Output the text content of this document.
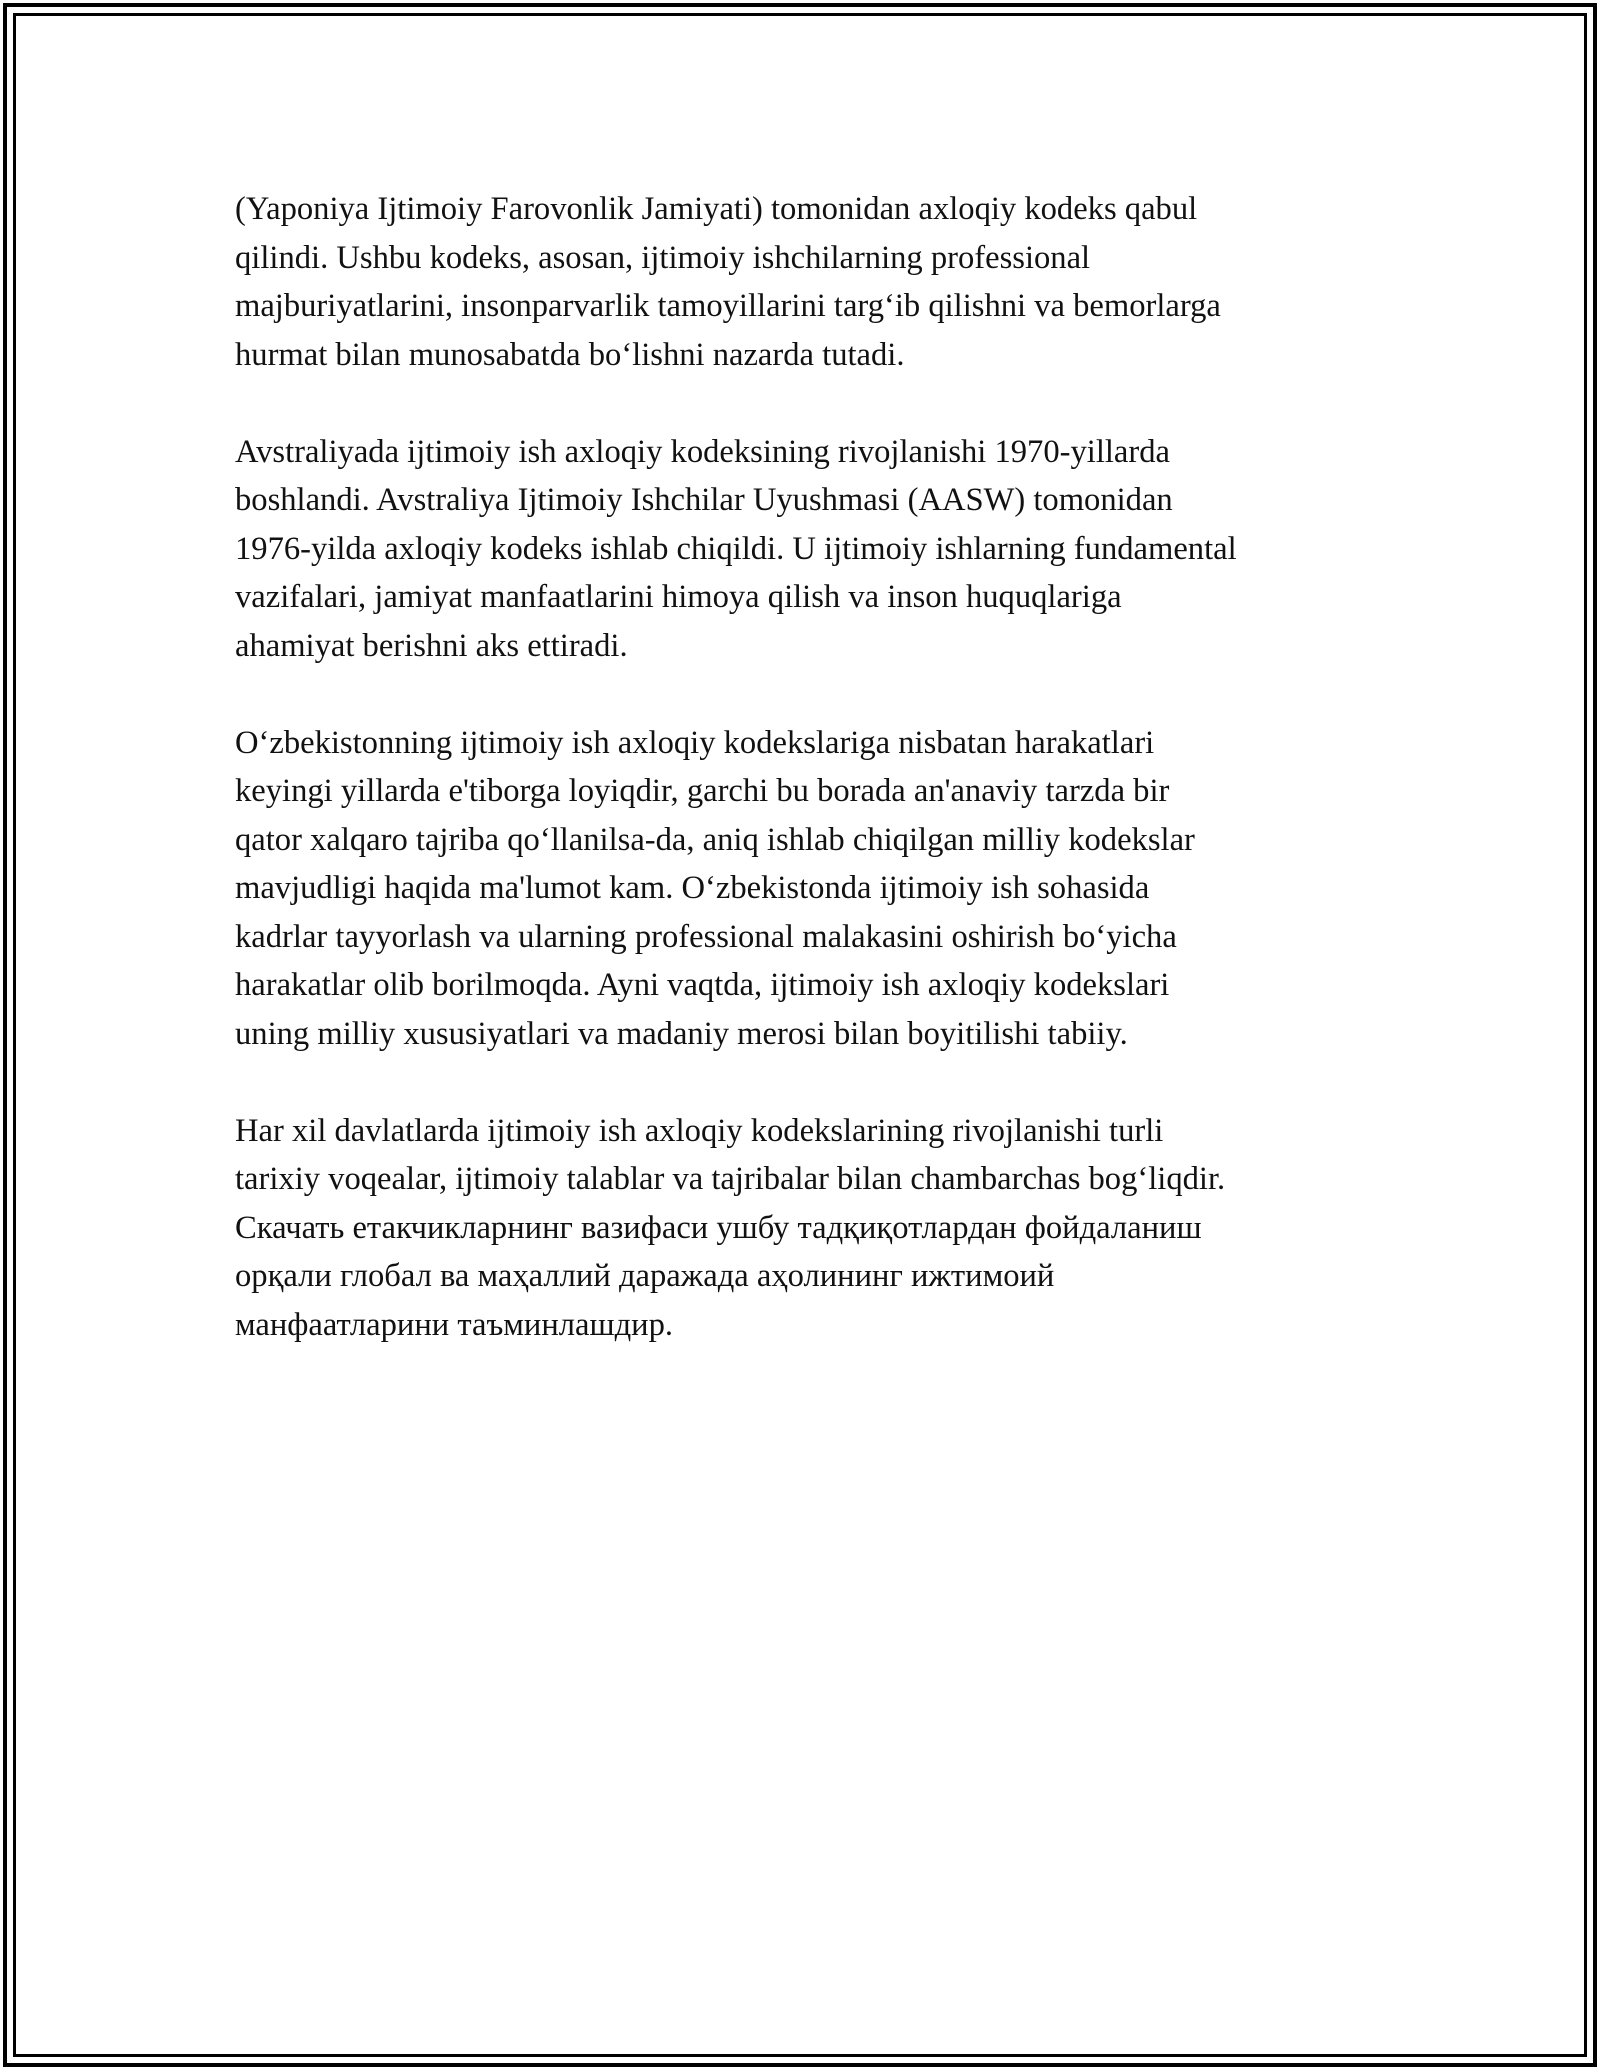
(Yaponiya Ijtimoiy Farovonlik Jamiyati) tomonidan axloqiy kodeks qabul
qilindi. Ushbu kodeks, asosan, ijtimoiy ishchilarning professional
majburiyatlarini, insonparvarlik tamoyillarini targ‘ib qilishni va bemorlarga
hurmat bilan munosabatda bo‘lishni nazarda tutadi.

Avstraliyada ijtimoiy ish axloqiy kodeksining rivojlanishi 1970-yillarda
boshlandi. Avstraliya Ijtimoiy Ishchilar Uyushmasi (AASW) tomonidan
1976-yilda axloqiy kodeks ishlab chiqildi. U ijtimoiy ishlarning fundamental
vazifalari, jamiyat manfaatlarini himoya qilish va inson huquqlariga
ahamiyat berishni aks ettiradi.

O‘zbekistonning ijtimoiy ish axloqiy kodekslariga nisbatan harakatlari
keyingi yillarda e'tiborga loyiqdir, garchi bu borada an'anaviy tarzda bir
qator xalqaro tajriba qo‘llanilsa-da, aniq ishlab chiqilgan milliy kodekslar
mavjudligi haqida ma'lumot kam. O‘zbekistonda ijtimoiy ish sohasida
kadrlar tayyorlash va ularning professional malakasini oshirish bo‘yicha
harakatlar olib borilmoqda. Ayni vaqtda, ijtimoiy ish axloqiy kodekslari
uning milliy xususiyatlari va madaniy merosi bilan boyitilishi tabiiy.

Har xil davlatlarda ijtimoiy ish axloqiy kodekslarining rivojlanishi turli
tarixiy voqealar, ijtimoiy talablar va tajribalar bilan chambarchas bog‘liqdir.
Скачать етакчикларнинг вазифаси ушбу тадқиқотлардан фойдаланиш
орқали глобал ва маҳаллий даражада аҳолининг ижтимоий
манфаатларини таъминлашдир.
